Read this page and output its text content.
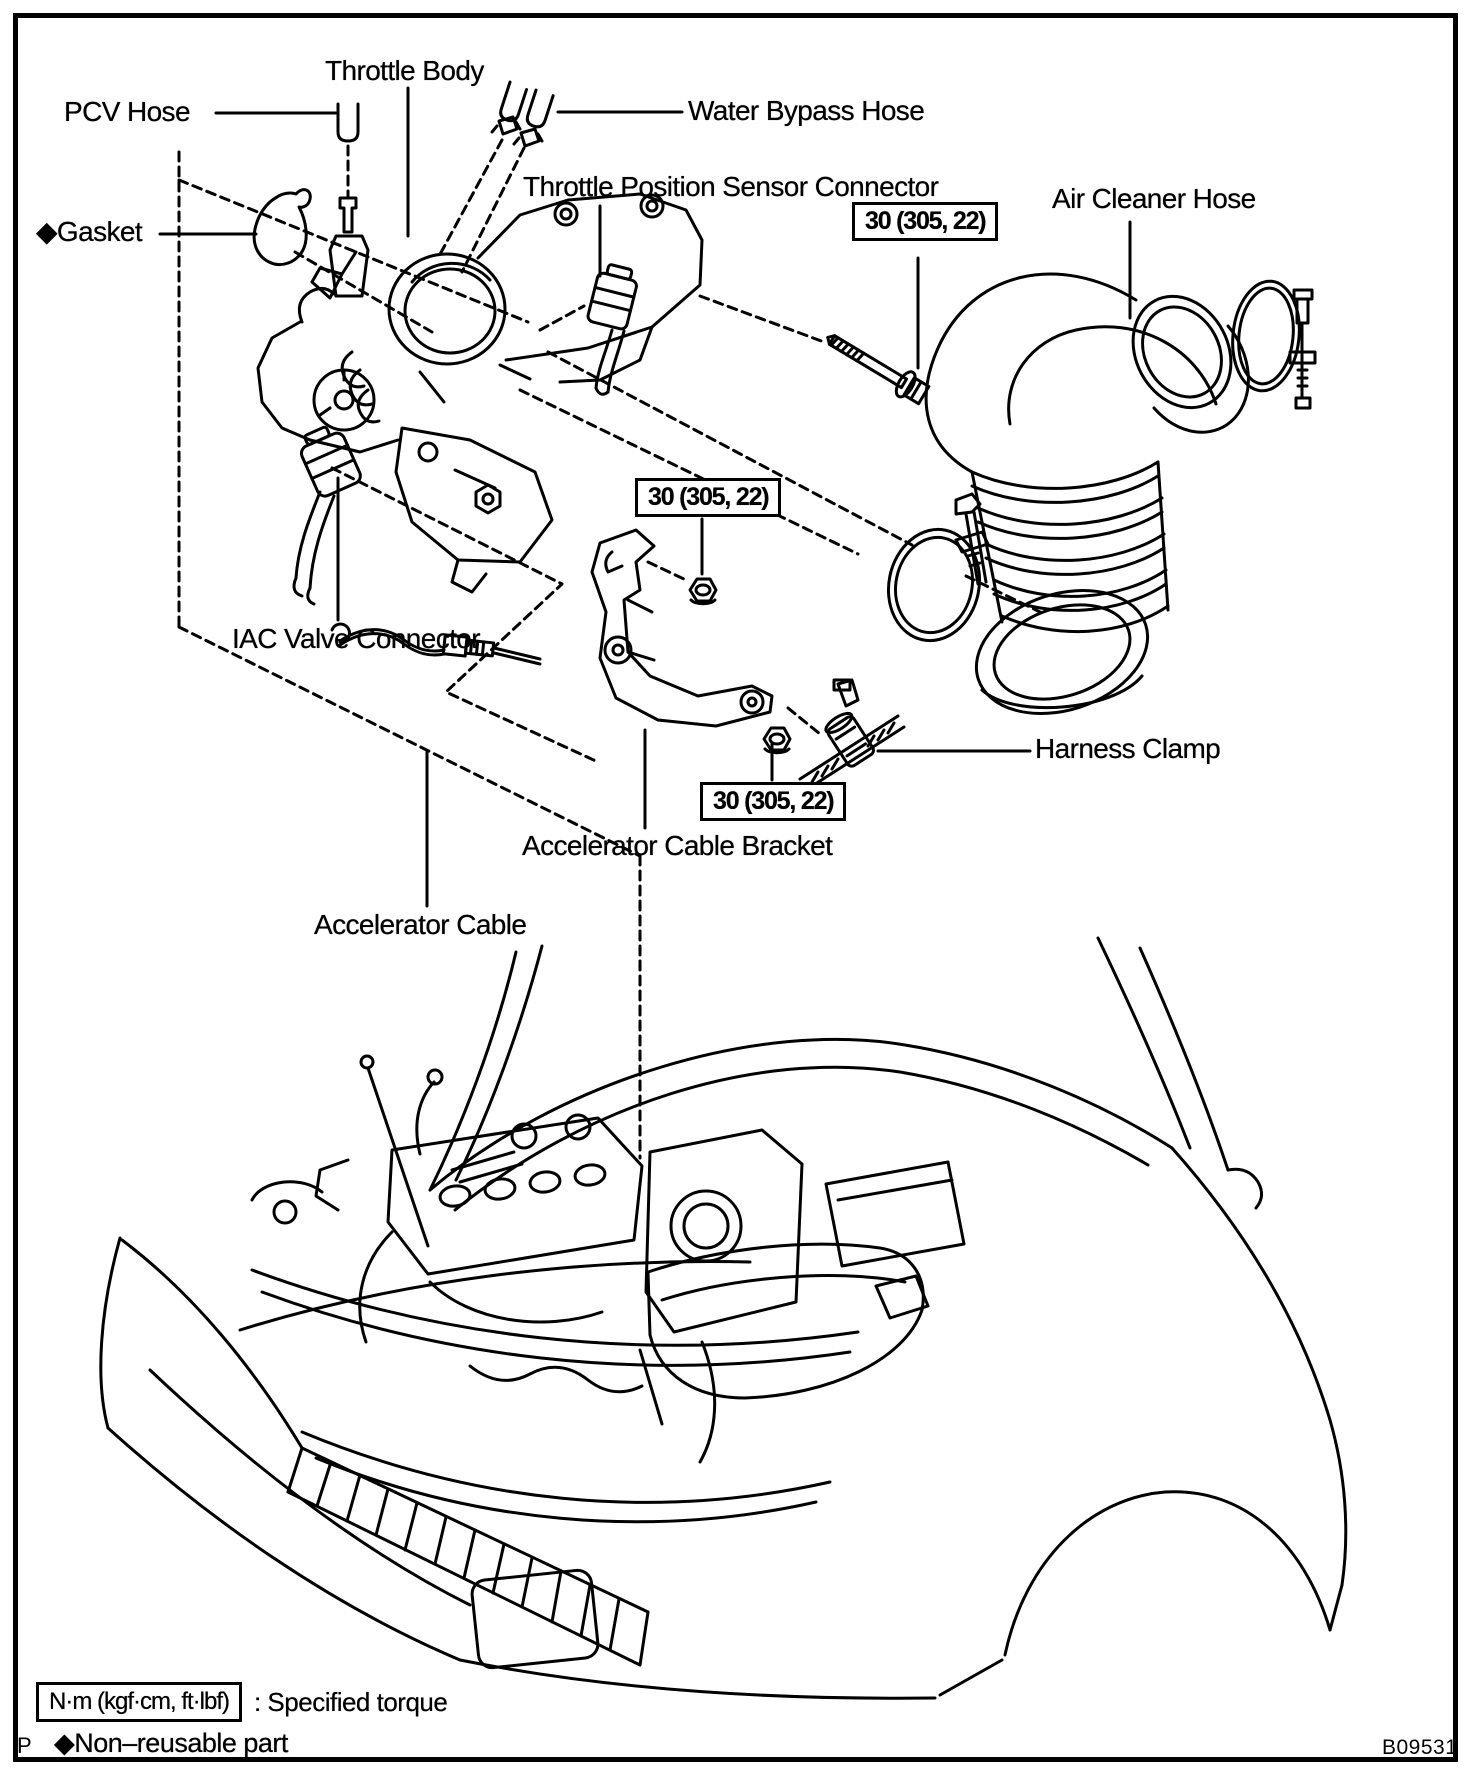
Throttle Body
PCV Hose	Water Bypass Hose
Throttle Position Sensor Connector	Air Cleaner Hose
◆Gasket
IAC Valve Connector
Harness Clamp
Accelerator Cable Bracket
Accelerator Cable
30 (305, 22)
30 (305, 22)
30 (305, 22)
N·m (kgf·cm, ft·lbf) : Specified torque
◆Non–reusable part
P	B09531
